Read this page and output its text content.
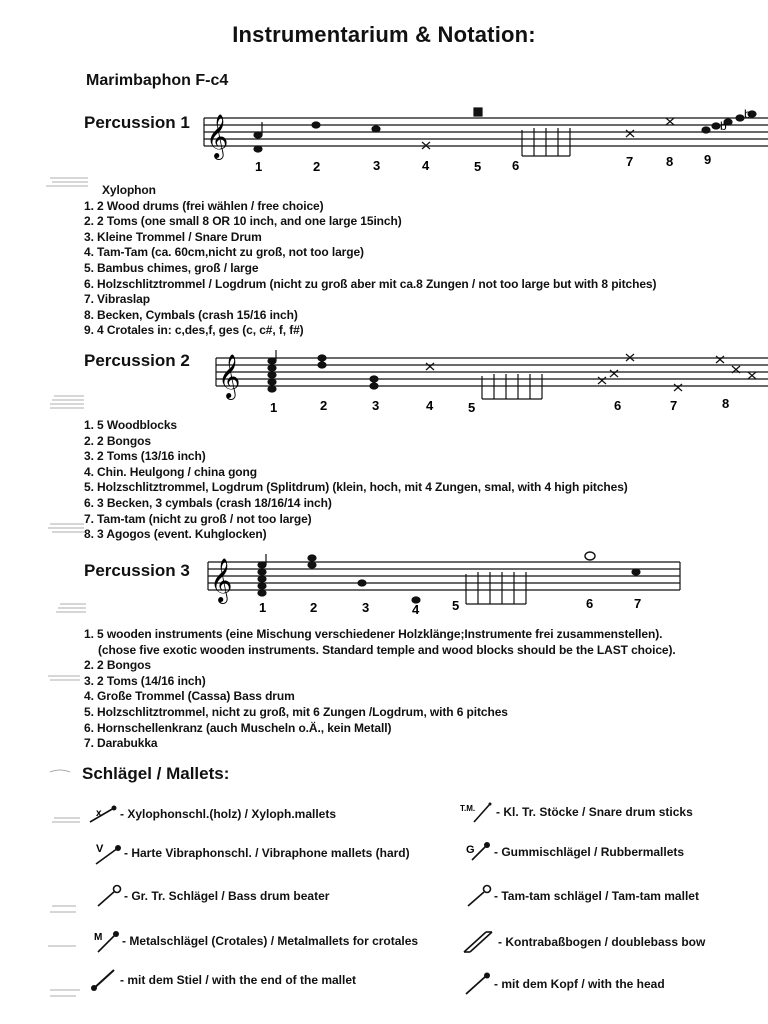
Instrumentarium & Notation:
Marimbaphon F-c4
Percussion 1 𝄞	b
b
1	2	3	4	5 6	7	8 9
Xylophon
1. 2 Wood drums (frei wählen / free choice)
2. 2 Toms (one small 8 OR 10 inch, and one large 15inch)
3. Kleine Trommel / Snare Drum
4. Tam-Tam (ca. 60cm,nicht zu groß, not too large)
5. Bambus chimes, groß / large
6. Holzschlitztrommel / Logdrum (nicht zu groß aber mit ca.8 Zungen / not too large but with 8 pitches)
7. Vibraslap
8. Becken, Cymbals (crash 15/16 inch)
9. 4 Crotales in: c,des,f, ges (c, c#, f, f#)
Percussion 2 𝄞
1	2	3	4	5	6	7	8
1. 5 Woodblocks
2. 2 Bongos
3. 2 Toms (13/16 inch)
4. Chin. Heulgong / china gong
5. Holzschlitztrommel, Logdrum (Splitdrum) (klein, hoch, mit 4 Zungen, smal, with 4 high pitches)
6. 3 Becken, 3 cymbals (crash 18/16/14 inch)
7. Tam-tam (nicht zu groß / not too large)
8. 3 Agogos (event. Kuhglocken)
Percussion 3 𝄞
1	2	3	4	5	6	7
1. 5 wooden instruments (eine Mischung verschiedener Holzklänge;Instrumente frei zusammenstellen).
(chose five exotic wooden instruments. Standard temple and wood blocks should be the LAST choice).
2. 2 Bongos
3. 2 Toms (14/16 inch)
4. Große Trommel (Cassa) Bass drum
5. Holzschlitztrommel, nicht zu groß, mit 6 Zungen /Logdrum, with 6 pitches
6. Hornschellenkranz (auch Muscheln o.Ä., kein Metall)
7. Darabukka
Schlägel / Mallets:
x - Xylophonschl.(holz) / Xyloph.mallets
V - Harte Vibraphonschl. / Vibraphone mallets (hard)
- Gr. Tr. Schlägel / Bass drum beater
M - Metalschlägel (Crotales) / Metalmallets for crotales
- mit dem Stiel / with the end of the mallet
T.M. - Kl. Tr. Stöcke / Snare drum sticks
G - Gummischlägel / Rubbermallets
- Tam-tam schlägel / Tam-tam mallet
- Kontrabaßbogen / doublebass bow
- mit dem Kopf / with the head
